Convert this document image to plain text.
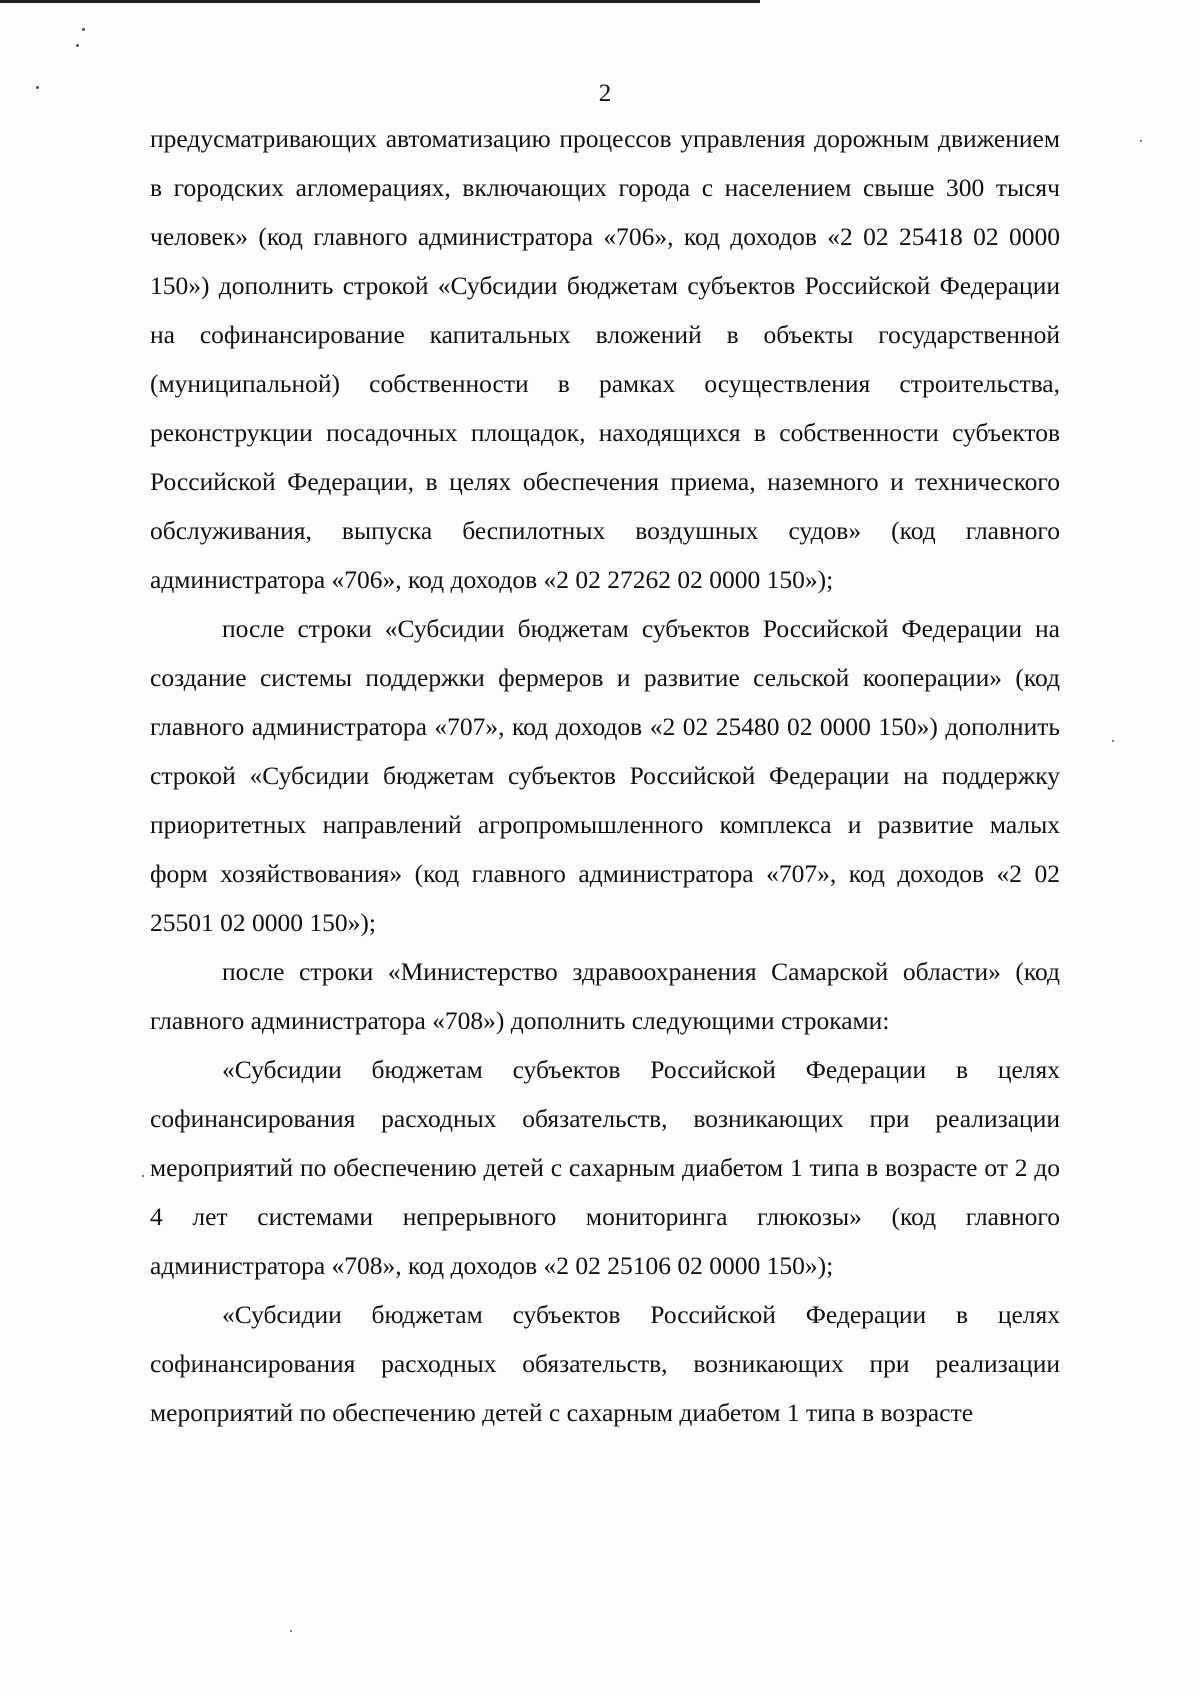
2

предусматривающих автоматизацию процессов управления дорожным движением в городских агломерациях, включающих города с населением свыше 300 тысяч человек» (код главного администратора «706», код доходов «2 02 25418 02 0000 150») дополнить строкой «Субсидии бюджетам субъектов Российской Федерации на софинансирование капитальных вложений в объекты государственной (муниципальной) собственности в рамках осуществления строительства, реконструкции посадочных площадок, находящихся в собственности субъектов Российской Федерации, в целях обеспечения приема, наземного и технического обслуживания, выпуска беспилотных воздушных судов» (код главного администратора «706», код доходов «2 02 27262 02 0000 150»);

после строки «Субсидии бюджетам субъектов Российской Федерации на создание системы поддержки фермеров и развитие сельской кооперации» (код главного администратора «707», код доходов «2 02 25480 02 0000 150») дополнить строкой «Субсидии бюджетам субъектов Российской Федерации на поддержку приоритетных направлений агропромышленного комплекса и развитие малых форм хозяйствования» (код главного администратора «707», код доходов «2 02 25501 02 0000 150»);

после строки «Министерство здравоохранения Самарской области» (код главного администратора «708») дополнить следующими строками:

«Субсидии бюджетам субъектов Российской Федерации в целях софинансирования расходных обязательств, возникающих при реализации мероприятий по обеспечению детей с сахарным диабетом 1 типа в возрасте от 2 до 4 лет системами непрерывного мониторинга глюкозы» (код главного администратора «708», код доходов «2 02 25106 02 0000 150»);

«Субсидии бюджетам субъектов Российской Федерации в целях софинансирования расходных обязательств, возникающих при реализации мероприятий по обеспечению детей с сахарным диабетом 1 типа в возрасте
